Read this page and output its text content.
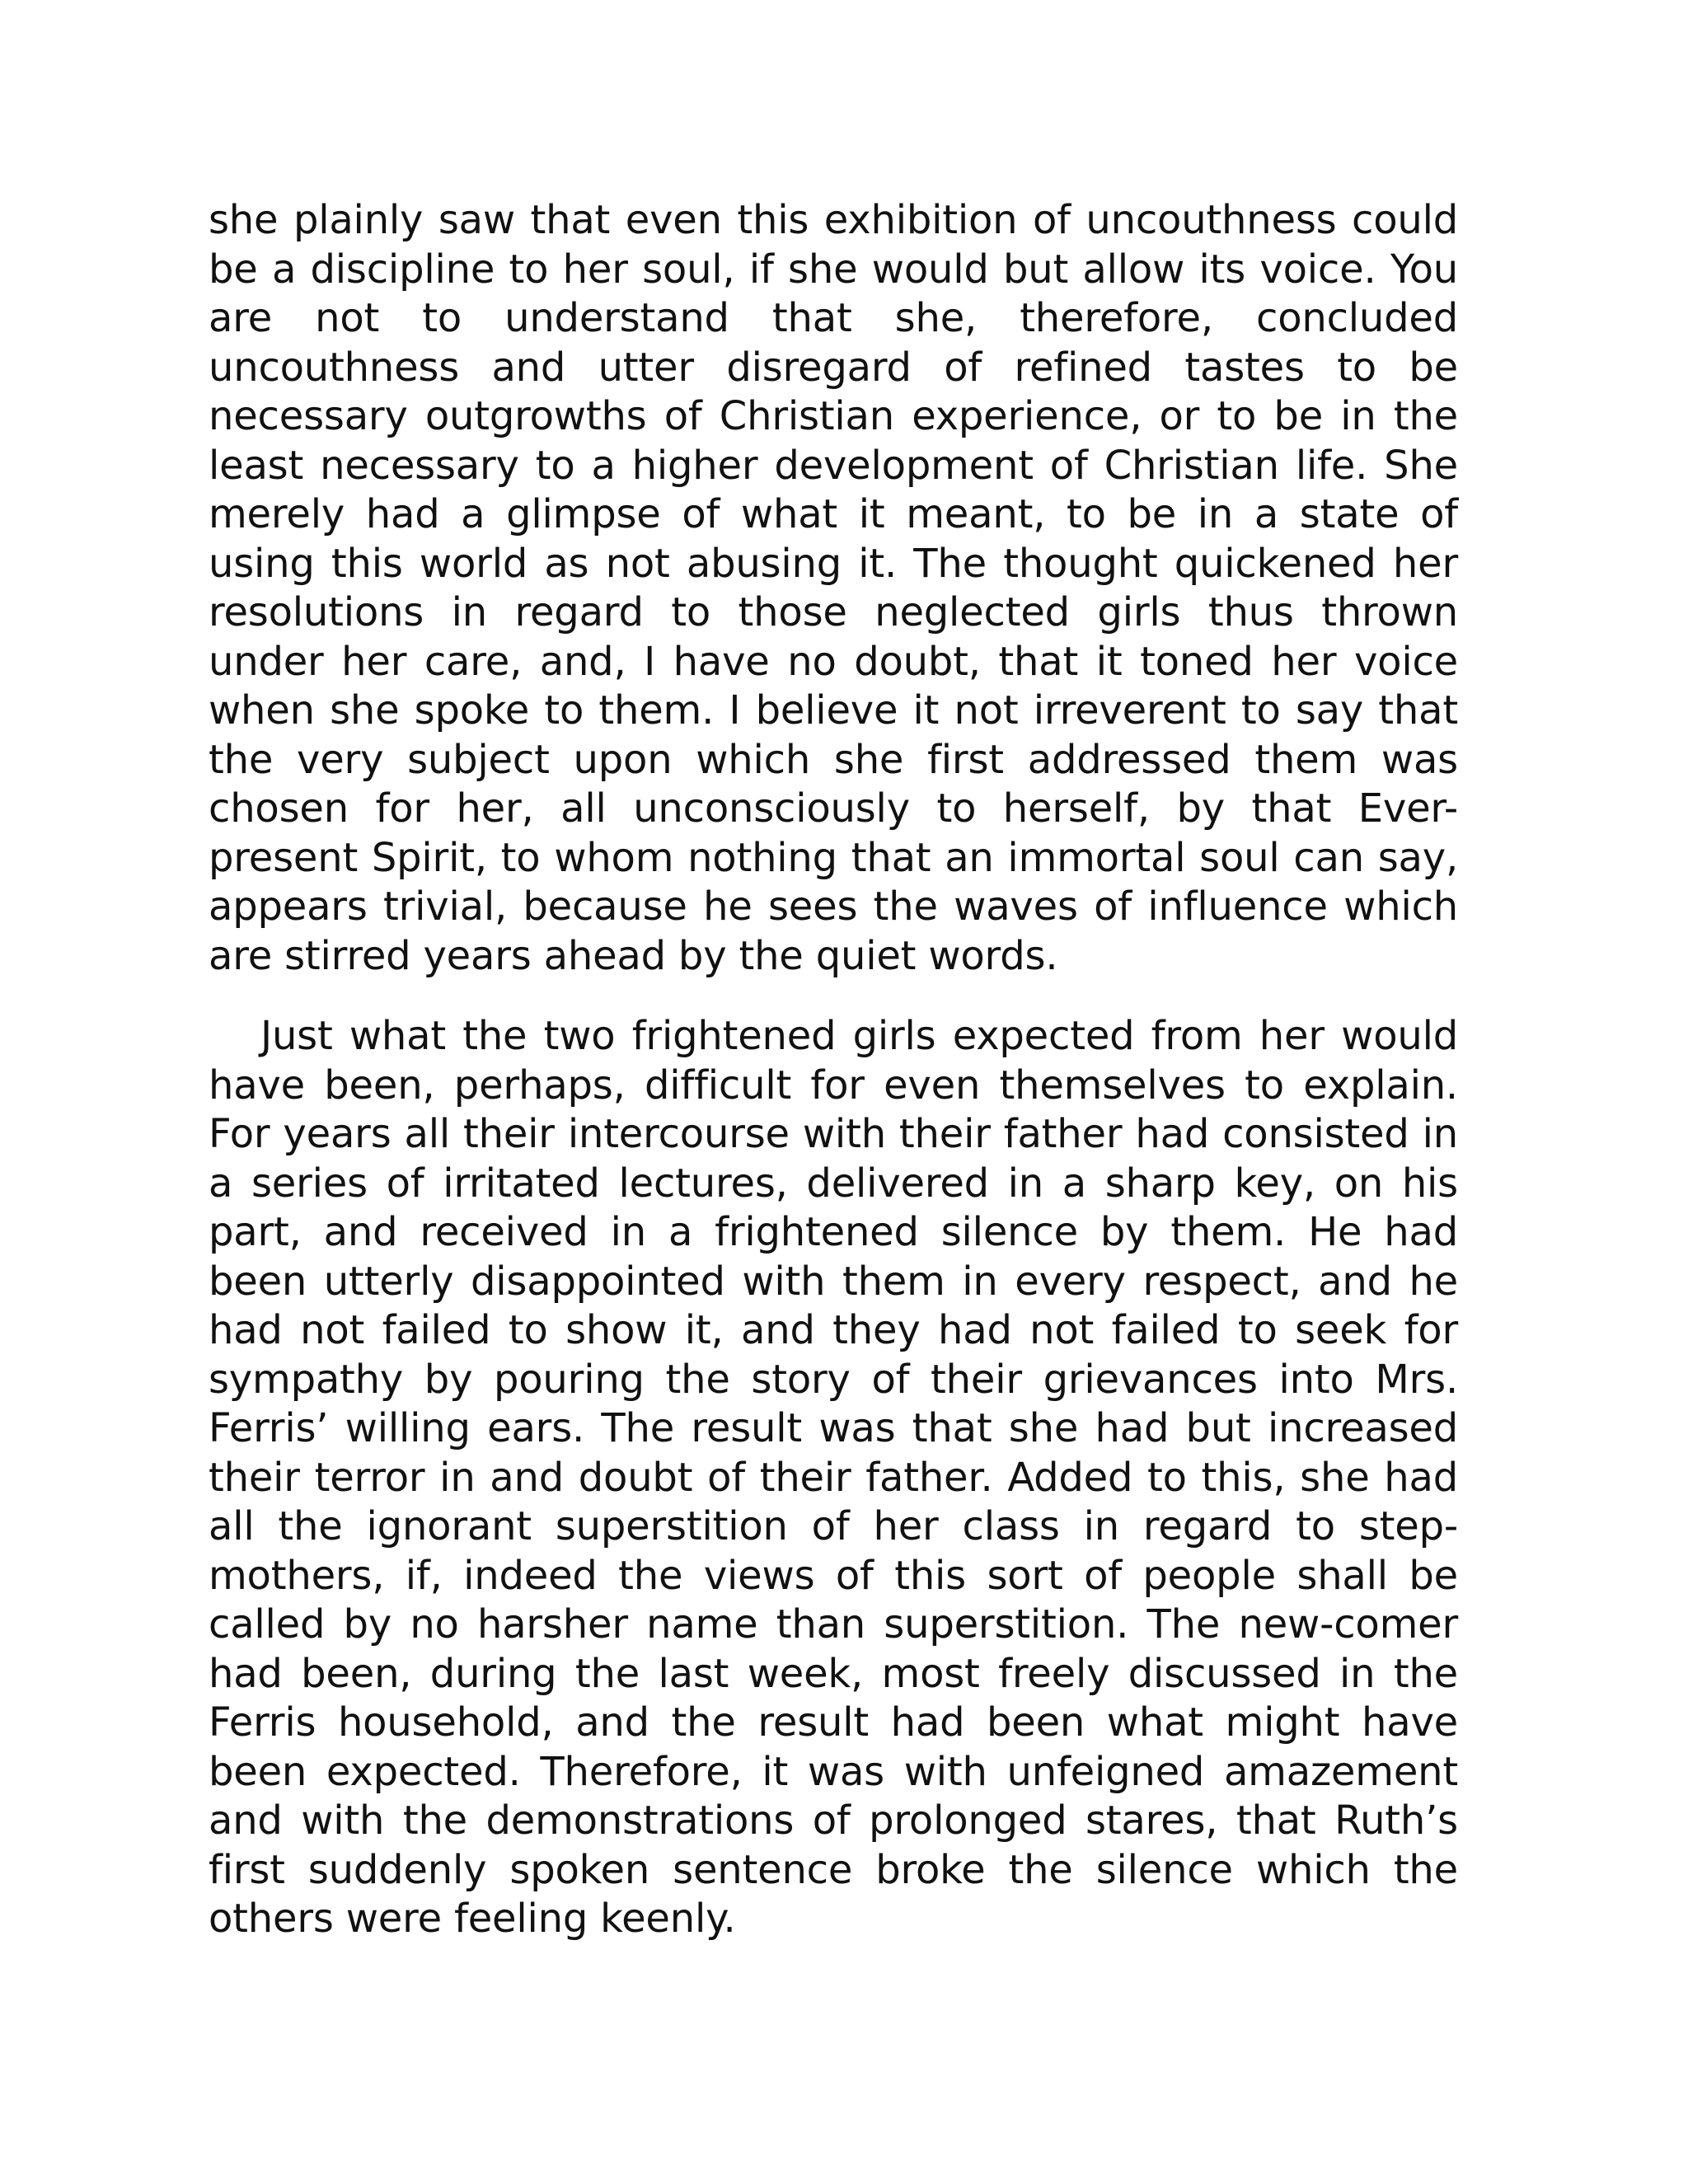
she plainly saw that even this exhibition of uncouthness could be a discipline to her soul, if she would but allow its voice. You are not to understand that she, therefore, concluded uncouthness and utter disregard of refined tastes to be necessary outgrowths of Christian experience, or to be in the least necessary to a higher development of Christian life. She merely had a glimpse of what it meant, to be in a state of using this world as not abusing it. The thought quickened her resolutions in regard to those neglected girls thus thrown under her care, and, I have no doubt, that it toned her voice when she spoke to them. I believe it not irreverent to say that the very subject upon which she first addressed them was chosen for her, all unconsciously to herself, by that Ever-present Spirit, to whom nothing that an immortal soul can say, appears trivial, because he sees the waves of influence which are stirred years ahead by the quiet words.

Just what the two frightened girls expected from her would have been, perhaps, difficult for even themselves to explain. For years all their intercourse with their father had consisted in a series of irritated lectures, delivered in a sharp key, on his part, and received in a frightened silence by them. He had been utterly disappointed with them in every respect, and he had not failed to show it, and they had not failed to seek for sympathy by pouring the story of their grievances into Mrs. Ferris’ willing ears. The result was that she had but increased their terror in and doubt of their father. Added to this, she had all the ignorant superstition of her class in regard to step-mothers, if, indeed the views of this sort of people shall be called by no harsher name than superstition. The new-comer had been, during the last week, most freely discussed in the Ferris household, and the result had been what might have been expected. Therefore, it was with unfeigned amazement and with the demonstrations of prolonged stares, that Ruth’s first suddenly spoken sentence broke the silence which the others were feeling keenly.
